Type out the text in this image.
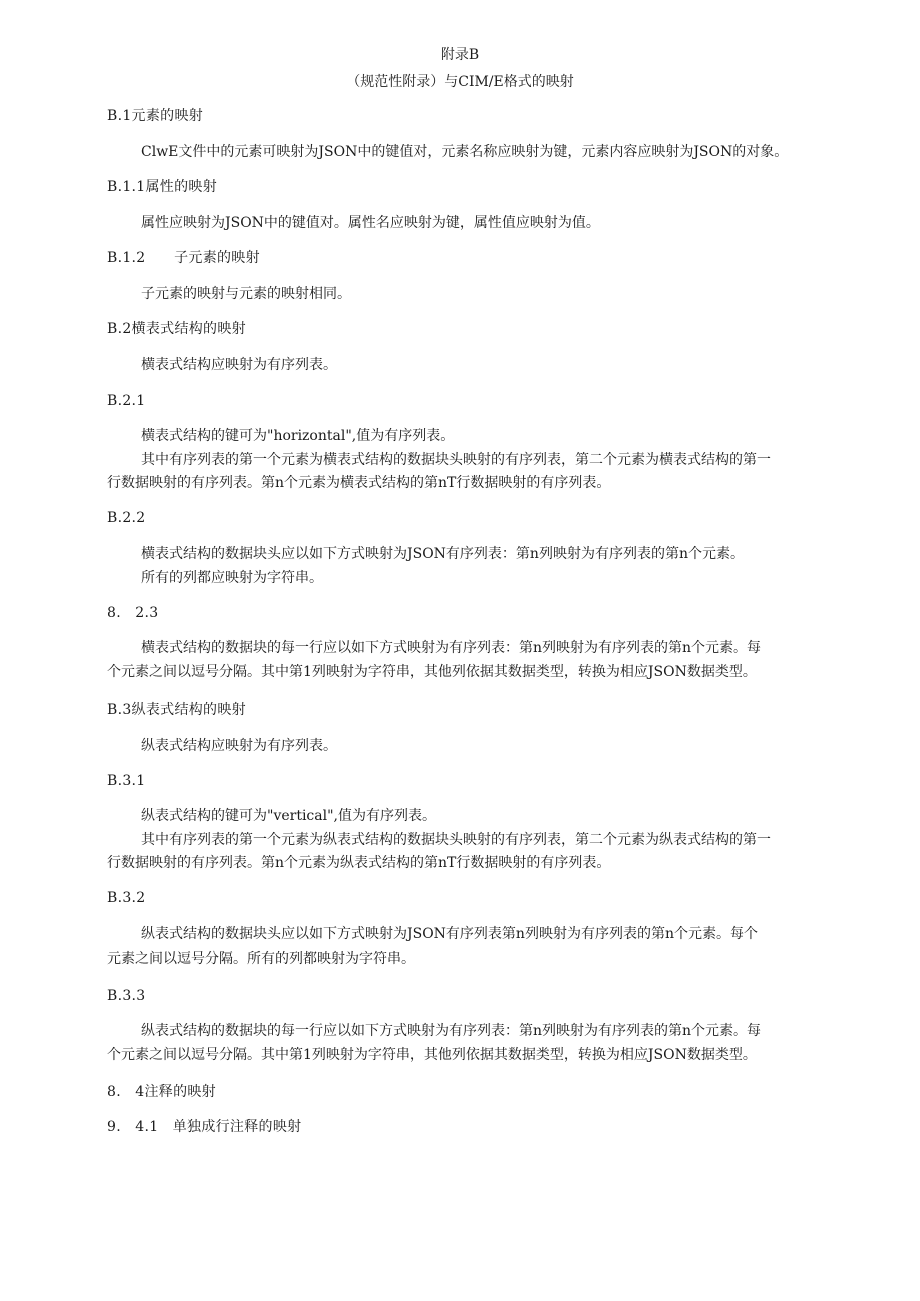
附录B

（规范性附录）与CIM/E格式的映射

B.1元素的映射

ClwE文件中的元素可映射为JSON中的键值对，元素名称应映射为键，元素内容应映射为JSON的对象。

B.1.1属性的映射

属性应映射为JSON中的键值对。属性名应映射为键，属性值应映射为值。

B.1.2　　子元素的映射

子元素的映射与元素的映射相同。

B.2横表式结构的映射

横表式结构应映射为有序列表。

B.2.1

横表式结构的键可为"horizontal",值为有序列表。

其中有序列表的第一个元素为横表式结构的数据块头映射的有序列表，第二个元素为横表式结构的第一

行数据映射的有序列表。第n个元素为横表式结构的第nT行数据映射的有序列表。

B.2.2

横表式结构的数据块头应以如下方式映射为JSON有序列表：第n列映射为有序列表的第n个元素。

所有的列都应映射为字符串。

8.　2.3

横表式结构的数据块的每一行应以如下方式映射为有序列表：第n列映射为有序列表的第n个元素。每

个元素之间以逗号分隔。其中第1列映射为字符串，其他列依据其数据类型，转换为相应JSON数据类型。

B.3纵表式结构的映射

纵表式结构应映射为有序列表。

B.3.1

纵表式结构的键可为"vertical",值为有序列表。

其中有序列表的第一个元素为纵表式结构的数据块头映射的有序列表，第二个元素为纵表式结构的第一

行数据映射的有序列表。第n个元素为纵表式结构的第nT行数据映射的有序列表。

B.3.2

纵表式结构的数据块头应以如下方式映射为JSON有序列表第n列映射为有序列表的第n个元素。每个

元素之间以逗号分隔。所有的列都映射为字符串。

B.3.3

纵表式结构的数据块的每一行应以如下方式映射为有序列表：第n列映射为有序列表的第n个元素。每

个元素之间以逗号分隔。其中第1列映射为字符串，其他列依据其数据类型，转换为相应JSON数据类型。

8.　4注释的映射

9.　4.1　单独成行注释的映射
